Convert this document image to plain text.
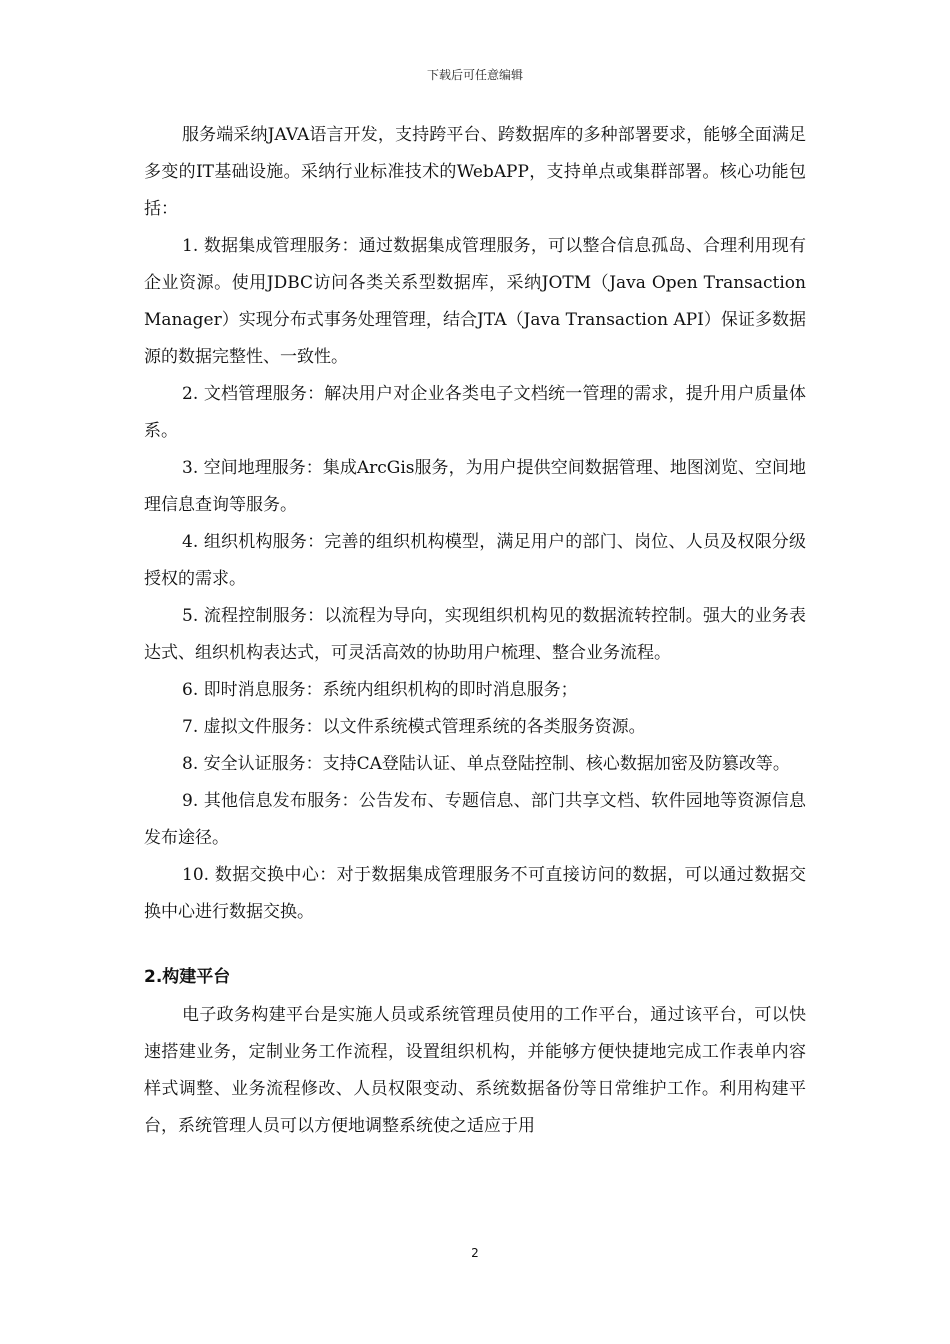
下载后可任意编辑

服务端采纳JAVA语言开发，支持跨平台、跨数据库的多种部署要求，能够全面满足多变的IT基础设施。采纳行业标准技术的WebAPP，支持单点或集群部署。核心功能包括：

1. 数据集成管理服务：通过数据集成管理服务，可以整合信息孤岛、合理利用现有企业资源。使用JDBC访问各类关系型数据库，采纳JOTM（Java Open Transaction Manager）实现分布式事务处理管理，结合JTA（Java Transaction API）保证多数据源的数据完整性、一致性。

2. 文档管理服务：解决用户对企业各类电子文档统一管理的需求，提升用户质量体系。

3. 空间地理服务：集成ArcGis服务，为用户提供空间数据管理、地图浏览、空间地理信息查询等服务。

4. 组织机构服务：完善的组织机构模型，满足用户的部门、岗位、人员及权限分级授权的需求。

5. 流程控制服务：以流程为导向，实现组织机构见的数据流转控制。强大的业务表达式、组织机构表达式，可灵活高效的协助用户梳理、整合业务流程。

6. 即时消息服务：系统内组织机构的即时消息服务；

7. 虚拟文件服务：以文件系统模式管理系统的各类服务资源。

8. 安全认证服务：支持CA登陆认证、单点登陆控制、核心数据加密及防篡改等。

9. 其他信息发布服务：公告发布、专题信息、部门共享文档、软件园地等资源信息发布途径。

10. 数据交换中心：对于数据集成管理服务不可直接访问的数据，可以通过数据交换中心进行数据交换。

2.构建平台

电子政务构建平台是实施人员或系统管理员使用的工作平台，通过该平台，可以快速搭建业务，定制业务工作流程，设置组织机构，并能够方便快捷地完成工作表单内容样式调整、业务流程修改、人员权限变动、系统数据备份等日常维护工作。利用构建平台，系统管理人员可以方便地调整系统使之适应于用

2
